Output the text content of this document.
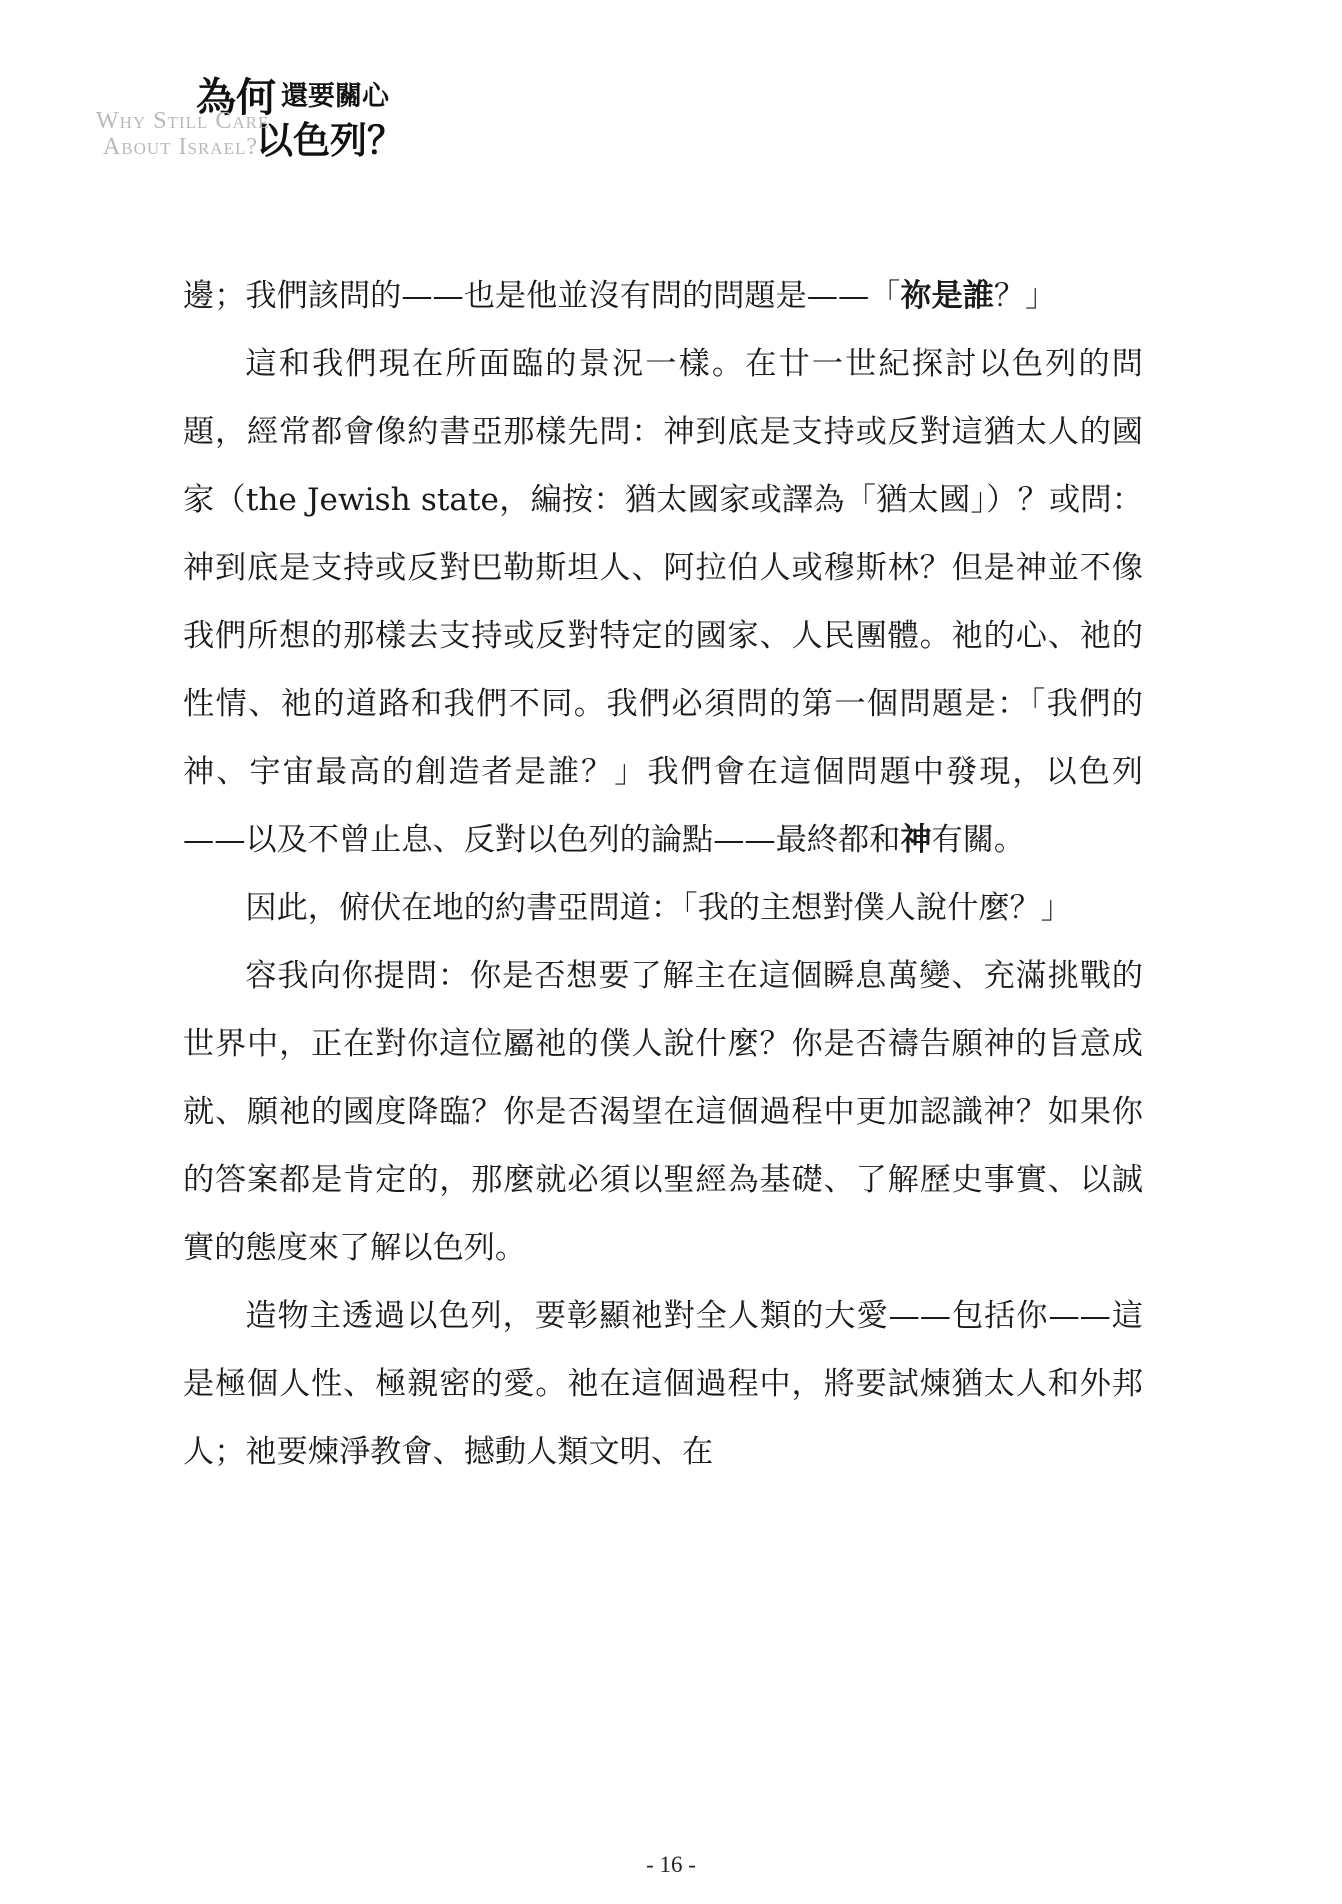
為何 還要關心
以色列？
Why Still Care
About Israel?

邊；我們該問的——也是他並沒有問的問題是——「祢是誰？」

這和我們現在所面臨的景況一樣。在廿一世紀探討以色列的問題，經常都會像約書亞那樣先問：神到底是支持或反對這猶太人的國家（the Jewish state，編按：猶太國家或譯為「猶太國」）？或問：神到底是支持或反對巴勒斯坦人、阿拉伯人或穆斯林？但是神並不像我們所想的那樣去支持或反對特定的國家、人民團體。祂的心、祂的性情、祂的道路和我們不同。我們必須問的第一個問題是：「我們的神、宇宙最高的創造者是誰？」我們會在這個問題中發現，以色列——以及不曾止息、反對以色列的論點——最終都和神有關。

因此，俯伏在地的約書亞問道：「我的主想對僕人說什麼？」

容我向你提問：你是否想要了解主在這個瞬息萬變、充滿挑戰的世界中，正在對你這位屬祂的僕人說什麼？你是否禱告願神的旨意成就、願祂的國度降臨？你是否渴望在這個過程中更加認識神？如果你的答案都是肯定的，那麼就必須以聖經為基礎、了解歷史事實、以誠實的態度來了解以色列。

造物主透過以色列，要彰顯祂對全人類的大愛——包括你——這是極個人性、極親密的愛。祂在這個過程中，將要試煉猶太人和外邦人；祂要煉淨教會、撼動人類文明、在

- 16 -
